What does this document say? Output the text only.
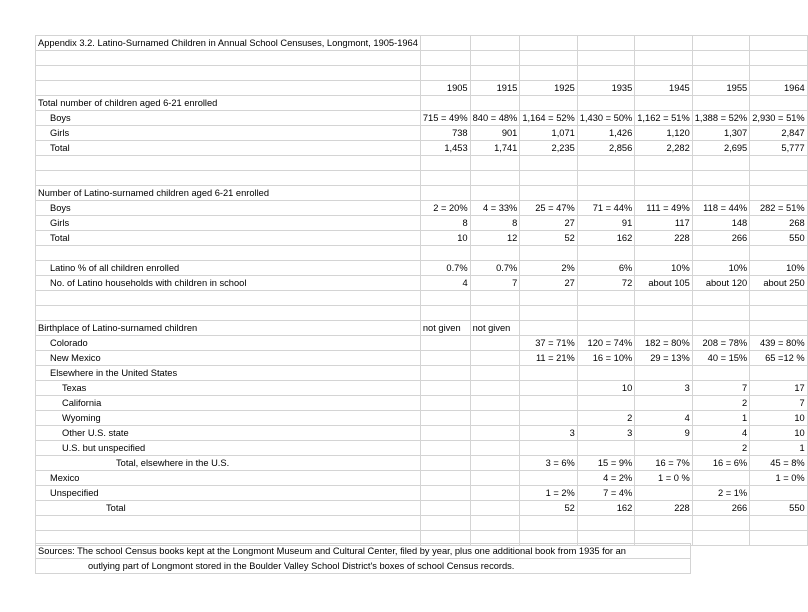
Appendix 3.2. Latino-Surnamed Children in Annual School Censuses, Longmont, 1905-1964							

	1905	1915	1925	1935	1945	1955	1964
Total number of children aged 6-21 enrolled							
Boys	715 = 49%	840 = 48%	1,164 = 52%	1,430 = 50%	1,162 = 51%	1,388 = 52%	2,930 = 51%
Girls	738	901	1,071	1,426	1,120	1,307	2,847
Total	1,453	1,741	2,235	2,856	2,282	2,695	5,777

Number of Latino-surnamed children aged 6-21 enrolled							
Boys	2 = 20%	4 = 33%	25 = 47%	71 = 44%	111 = 49%	118 = 44%	282 = 51%
Girls	8	8	27	91	117	148	268
Total	10	12	52	162	228	266	550

Latino % of all children enrolled	0.7%	0.7%	2%	6%	10%	10%	10%
No. of Latino households with children in school	4	7	27	72	about 105	about 120	about 250

Birthplace of Latino-surnamed children	not given	not given					
Colorado			37 = 71%	120 = 74%	182 = 80%	208 = 78%	439 = 80%
New Mexico			11 = 21%	16 = 10%	29 = 13%	40 = 15%	65 =12 %
Elsewhere in the United States							
Texas				10	3	7	17
California						2	7
Wyoming				2	4	1	10
Other U.S. state			3	3	9	4	10
U.S. but unspecified						2	1
Total, elsewhere in the U.S.			3 = 6%	15 = 9%	16 = 7%	16 = 6%	45 = 8%
Mexico				4 = 2%	1 = 0 %		1 = 0%
Unspecified			1 = 2%	7 = 4%		2 = 1%	
Total			52	162	228	266	550

Sources: The school Census books kept at the Longmont Museum and Cultural Center, filed by year, plus one additional book from 1935 for an
outlying part of Longmont stored in the Boulder Valley School District's boxes of school Census records.
